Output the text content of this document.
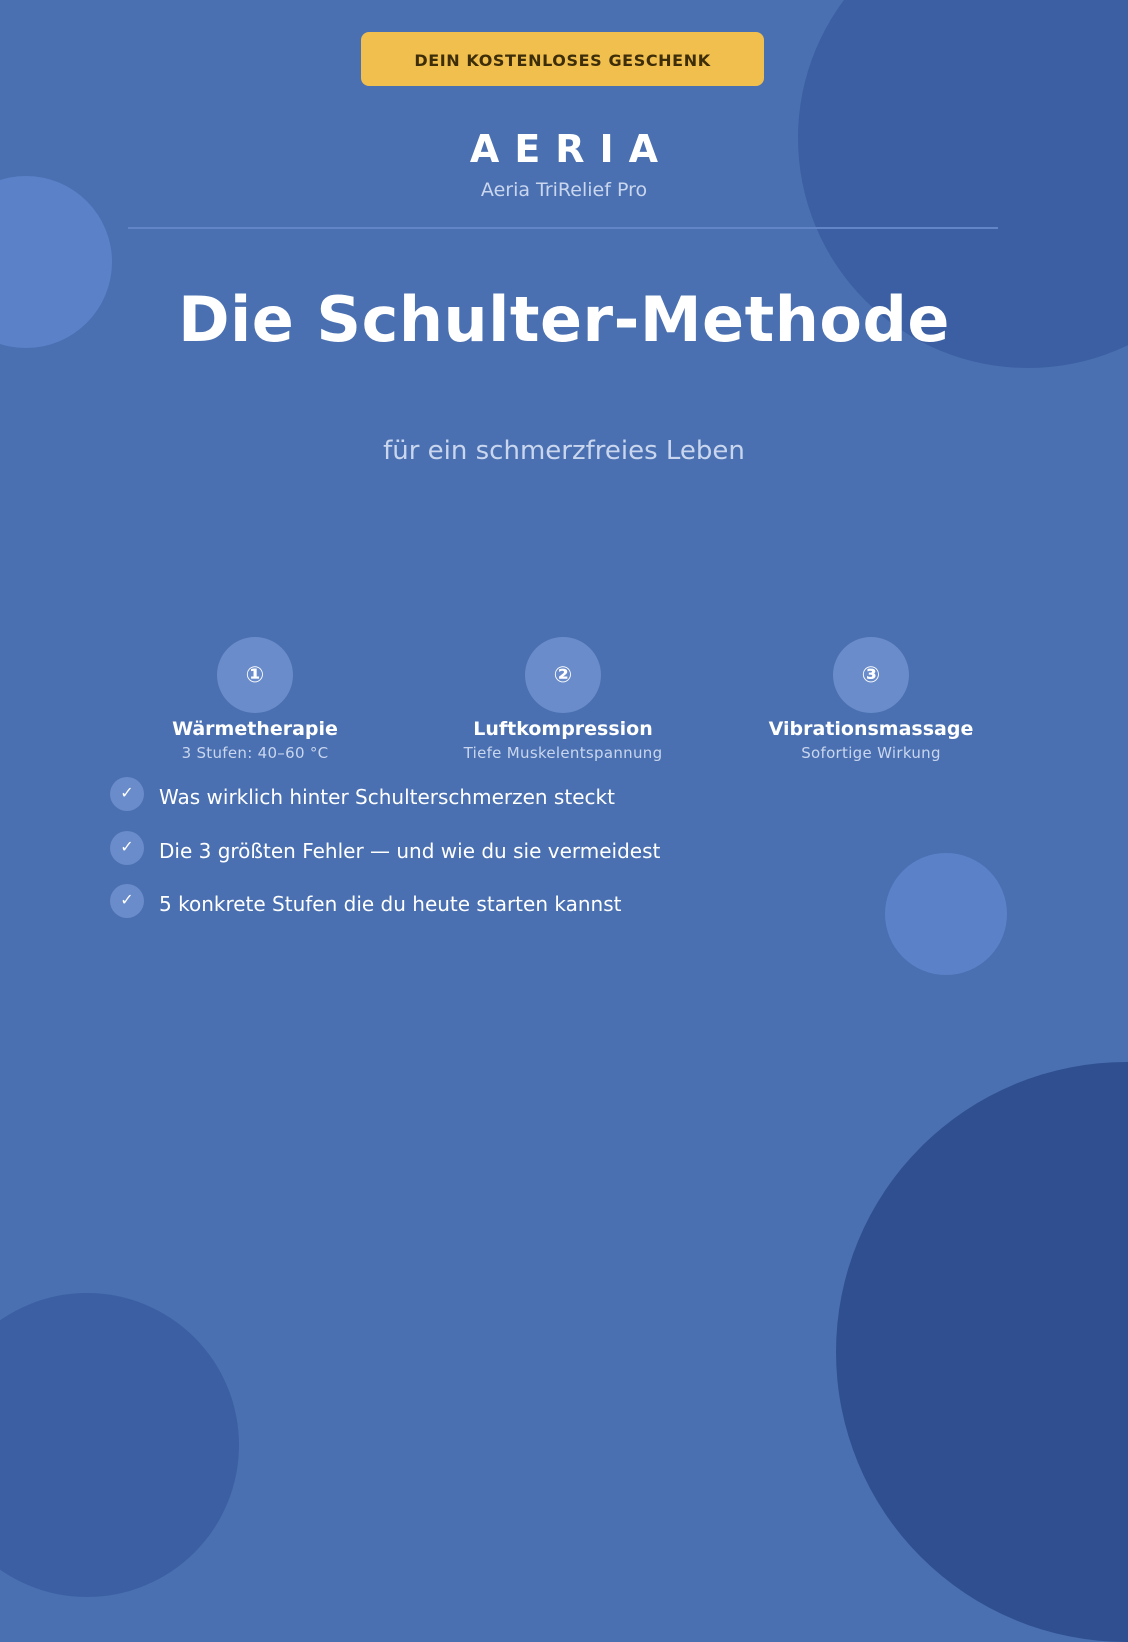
DEIN KOSTENLOSES GESCHENK
AERIA
Aeria TriRelief Pro
Die Schulter-Methode
für ein schmerzfreies Leben
①
Wärmetherapie
3 Stufen: 40–60 °C
②
Luftkompression
Tiefe Muskelentspannung
③
Vibrationsmassage
Sofortige Wirkung
✓	Was wirklich hinter Schulterschmerzen steckt
✓	Die 3 größten Fehler — und wie du sie vermeidest
✓	5 konkrete Stufen die du heute starten kannst
